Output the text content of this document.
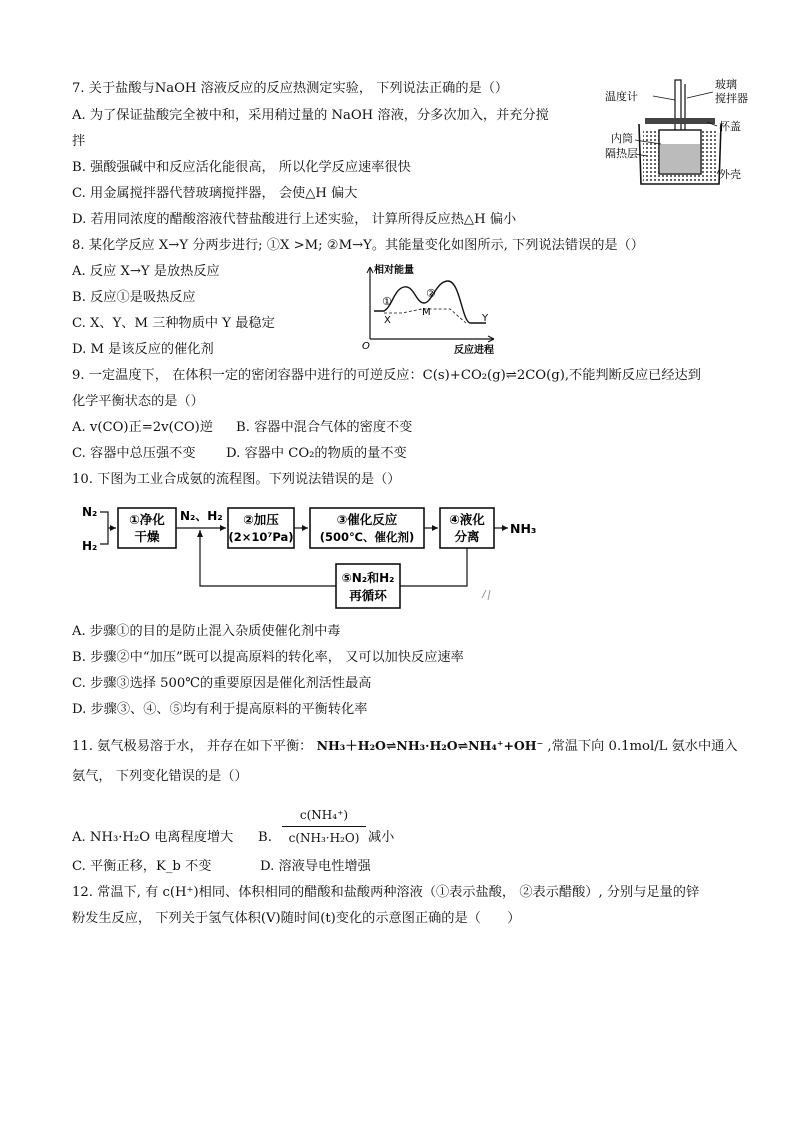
7. 关于盐酸与NaOH 溶液反应的反应热测定实验， 下列说法正确的是（）
A. 为了保证盐酸完全被中和，采用稍过量的 NaOH 溶液，分多次加入，并充分搅
拌
B. 强酸强碱中和反应活化能很高， 所以化学反应速率很快
C. 用金属搅拌器代替玻璃搅拌器， 会使△H 偏大
D. 若用同浓度的醋酸溶液代替盐酸进行上述实验， 计算所得反应热△H 偏小
温度计
玻璃
搅拌器
杯盖
内筒
隔热层
外壳
8. 某化学反应 X→Y 分两步进行; ①X >M; ②M→Y。其能量变化如图所示, 下列说法错误的是（）
A. 反应 X→Y 是放热反应
B. 反应①是吸热反应
C. X、Y、M 三种物质中 Y 最稳定
D. M 是该反应的催化剂
相对能量
反应进程
O
①
②
X
M
Y
9. 一定温度下， 在体积一定的密闭容器中进行的可逆反应：C(s)+CO₂(g)⇌2CO(g),不能判断反应已经达到
化学平衡状态的是（）
A. v(CO)正=2v(CO)逆 B. 容器中混合气体的密度不变
C. 容器中总压强不变 D. 容器中 CO₂的物质的量不变
10. 下图为工业合成氨的流程图。下列说法错误的是（）
N₂
H₂
①净化
干燥
N₂、H₂ ②加压
(2×10⁷Pa)
③催化反应
(500℃、催化剂)
④液化
分离
NH₃
⑤N₂和H₂
再循环
A. 步骤①的目的是防止混入杂质使催化剂中毒
B. 步骤②中“加压”既可以提高原料的转化率， 又可以加快反应速率
C. 步骤③选择 500℃的重要原因是催化剂活性最高
D. 步骤③、④、⑤均有利于提高原料的平衡转化率
11. 氨气极易溶于水， 并存在如下平衡： NH₃＋H₂O⇌NH₃·H₂O⇌NH₄⁺+OH⁻ ,常温下向 0.1mol/L 氨水中通入
氨气， 下列变化错误的是（）
A. NH₃·H₂O 电离程度增大 B. $\frac{\text{c(NH₄⁺)}}{\text{c(NH₃·H₂O)}}$ 减小
C. 平衡正移，K_b 不变	D. 溶液导电性增强
12. 常温下, 有 c(H⁺)相同、体积相同的醋酸和盐酸两种溶液（①表示盐酸， ②表示醋酸）, 分别与足量的锌
粉发生反应， 下列关于氢气体积(V)随时间(t)变化的示意图正确的是（　　）
